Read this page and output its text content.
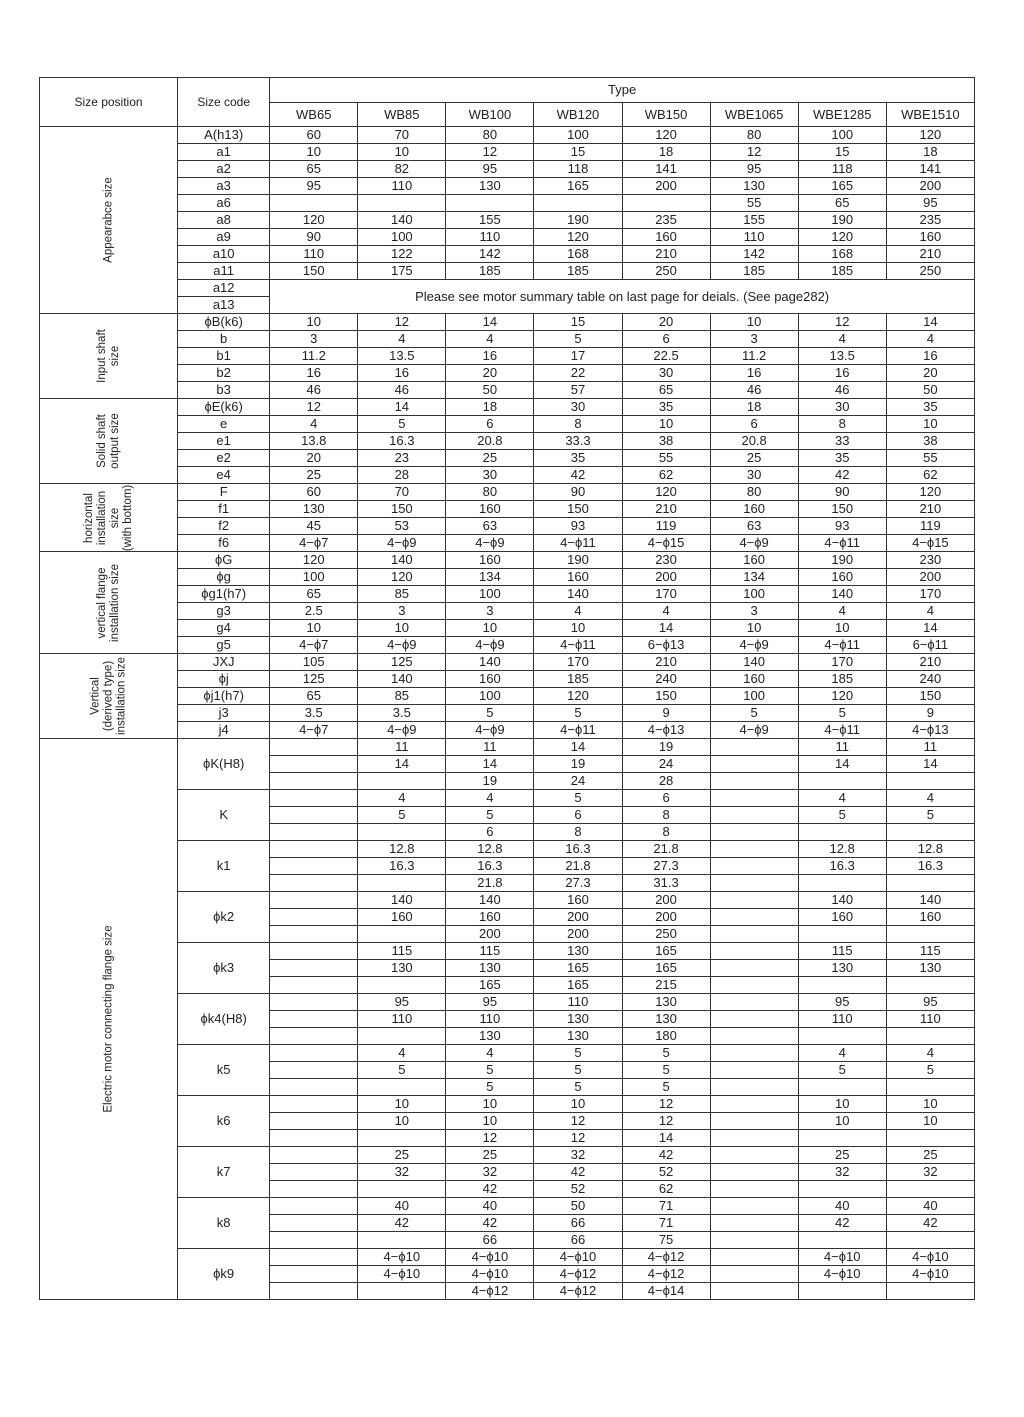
Size position	Size code	Type							
		WB65	WB85	WB100	WB120	WB150	WBE1065	WBE1285	WBE1510

Appearabce size	A(h13)	60	70	80	100	120	80	100	120
	a1	10	10	12	15	18	12	15	18
	a2	65	82	95	118	141	95	118	141
	a3	95	110	130	165	200	130	165	200
	a6						55	65	95
	a8	120	140	155	190	235	155	190	235
	a9	90	100	110	120	160	110	120	160
	a10	110	122	142	168	210	142	168	210
	a11	150	175	185	185	250	185	185	250
	a12	Please see motor summary table on last page for deials. (See page282)							
	a13								

Input shaft size	ϕB(k6)	10	12	14	15	20	10	12	14
	b	3	4	4	5	6	3	4	4
	b1	11.2	13.5	16	17	22.5	11.2	13.5	16
	b2	16	16	20	22	30	16	16	20
	b3	46	46	50	57	65	46	46	50

Solid shaft output size	ϕE(k6)	12	14	18	30	35	18	30	35
	e	4	5	6	8	10	6	8	10
	e1	13.8	16.3	20.8	33.3	38	20.8	33	38
	e2	20	23	25	35	55	25	35	55
	e4	25	28	30	42	62	30	42	62

horizontal installation size (with bottom)	F	60	70	80	90	120	80	90	120
	f1	130	150	160	150	210	160	150	210
	f2	45	53	63	93	119	63	93	119
	f6	4−ϕ7	4−ϕ9	4−ϕ9	4−ϕ11	4−ϕ15	4−ϕ9	4−ϕ11	4−ϕ15

vertical flange installation size	ϕG	120	140	160	190	230	160	190	230
	ϕg	100	120	134	160	200	134	160	200
	ϕg1(h7)	65	85	100	140	170	100	140	170
	g3	2.5	3	3	4	4	3	4	4
	g4	10	10	10	10	14	10	10	14
	g5	4−ϕ7	4−ϕ9	4−ϕ9	4−ϕ11	6−ϕ13	4−ϕ9	4−ϕ11	6−ϕ11

Vertical (derived type) installation size	JXJ	105	125	140	170	210	140	170	210
	ϕj	125	140	160	185	240	160	185	240
	ϕj1(h7)	65	85	100	120	150	100	120	150
	j3	3.5	3.5	5	5	9	5	5	9
	j4	4−ϕ7	4−ϕ9	4−ϕ9	4−ϕ11	4−ϕ13	4−ϕ9	4−ϕ11	4−ϕ13

Electric motor connecting flange size	ϕK(H8)		11	11	14	19		11	11
			14	14	19	24		14	14
				19	24	28			
	K		4	4	5	6		4	4
			5	5	6	8		5	5
				6	8	8			
	k1		12.8	12.8	16.3	21.8		12.8	12.8
			16.3	16.3	21.8	27.3		16.3	16.3
				21.8	27.3	31.3			
	ϕk2		140	140	160	200		140	140
			160	160	200	200		160	160
				200	200	250			
	ϕk3		115	115	130	165		115	115
			130	130	165	165		130	130
				165	165	215			
	ϕk4(H8)		95	95	110	130		95	95
			110	110	130	130		110	110
				130	130	180			
	k5		4	4	5	5		4	4
			5	5	5	5		5	5
				5	5	5			
	k6		10	10	10	12		10	10
			10	10	12	12		10	10
				12	12	14			
	k7		25	25	32	42		25	25
			32	32	42	52		32	32
				42	52	62			
	k8		40	40	50	71		40	40
			42	42	66	71		42	42
				66	66	75			
	ϕk9		4−ϕ10	4−ϕ10	4−ϕ10	4−ϕ12		4−ϕ10	4−ϕ10
			4−ϕ10	4−ϕ10	4−ϕ12	4−ϕ12		4−ϕ10	4−ϕ10
				4−ϕ12	4−ϕ12	4−ϕ14			
